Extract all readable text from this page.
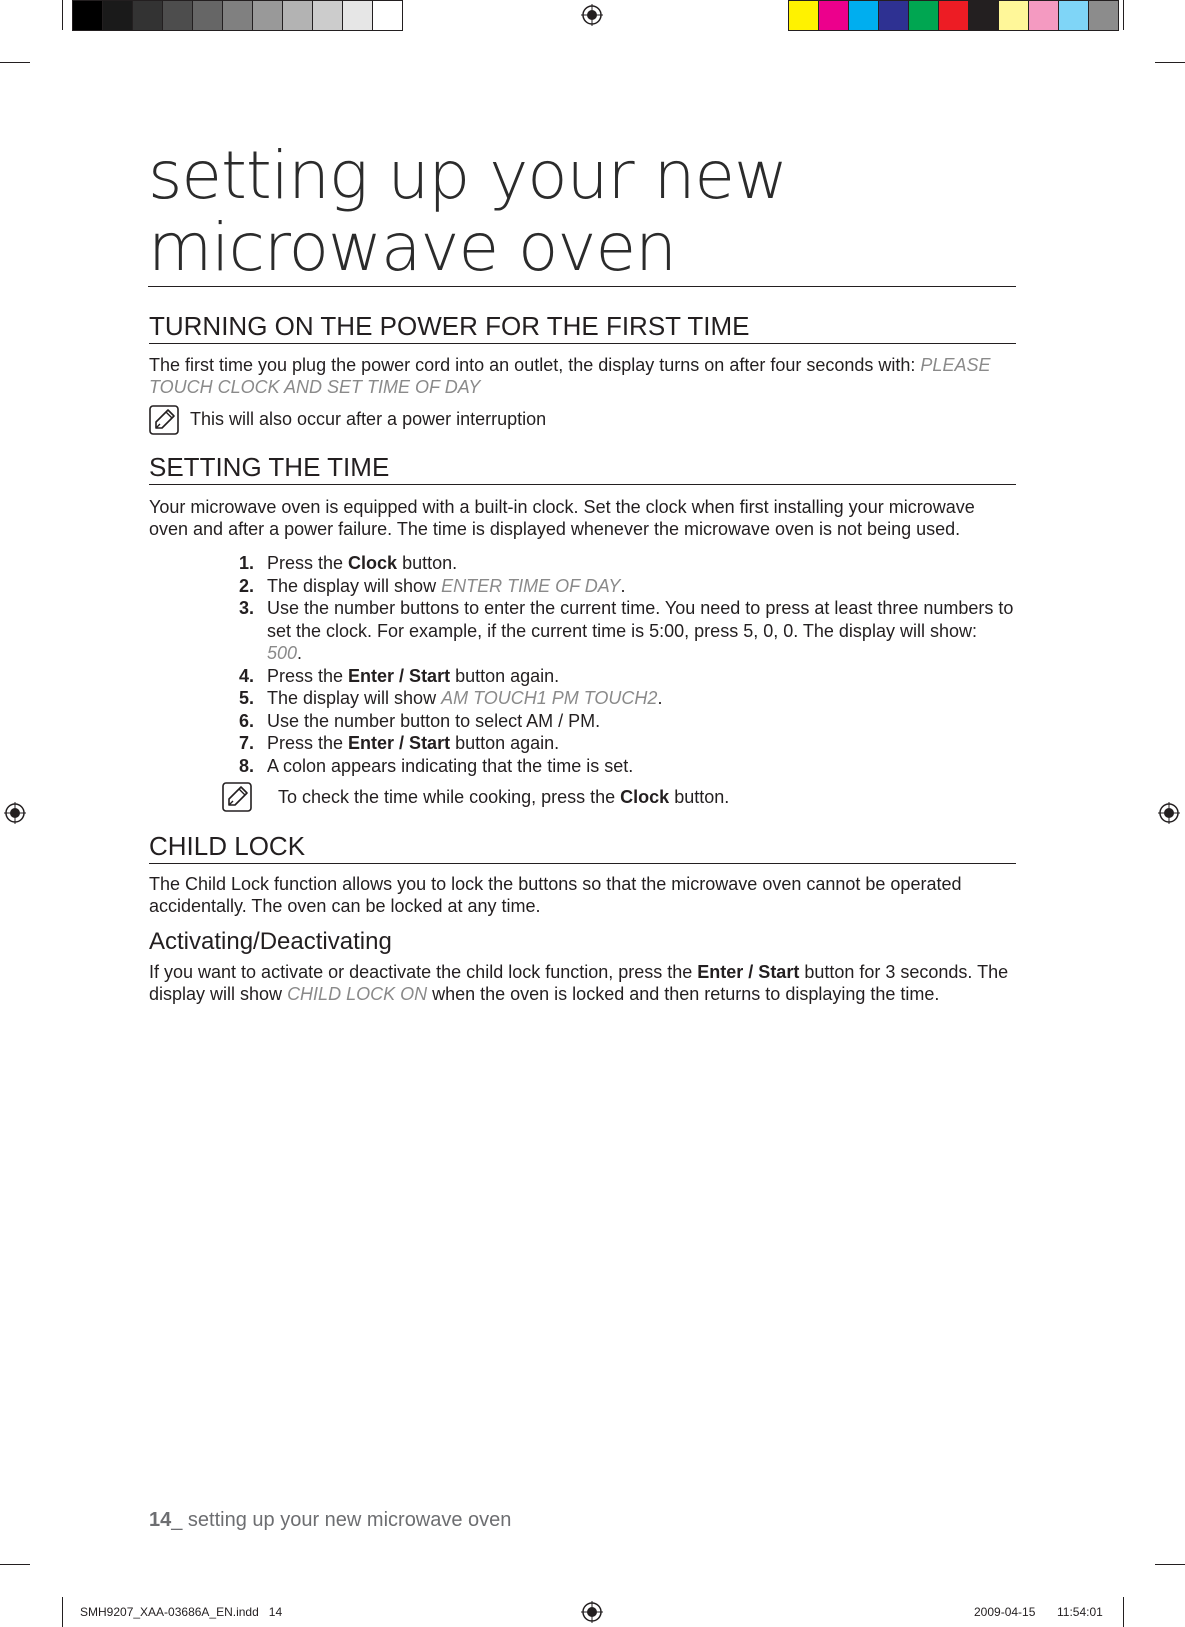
setting up your new
microwave oven
TURNING ON THE POWER FOR THE FIRST TIME

The first time you plug the power cord into an outlet, the display turns on after four seconds with: PLEASE TOUCH CLOCK AND SET TIME OF DAY

This will also occur after a power interruption
SETTING THE TIME

Your microwave oven is equipped with a built-in clock. Set the clock when first installing your microwave oven and after a power failure. The time is displayed whenever the microwave oven is not being used.

1. Press the Clock button.
2. The display will show ENTER TIME OF DAY.
3. Use the number buttons to enter the current time. You need to press at least three numbers to set the clock. For example, if the current time is 5:00, press 5, 0, 0. The display will show: 500.
4. Press the Enter / Start button again.
5. The display will show AM TOUCH1 PM TOUCH2.
6. Use the number button to select AM / PM.
7. Press the Enter / Start button again.
8. A colon appears indicating that the time is set.
To check the time while cooking, press the Clock button.
CHILD LOCK

The Child Lock function allows you to lock the buttons so that the microwave oven cannot be operated accidentally. The oven can be locked at any time.

Activating/Deactivating

If you want to activate or deactivate the child lock function, press the Enter / Start button for 3 seconds. The display will show CHILD LOCK ON when the oven is locked and then returns to displaying the time.

14_ setting up your new microwave oven
SMH9207_XAA-03686A_EN.indd   14	2009-04-15 11:54:01
